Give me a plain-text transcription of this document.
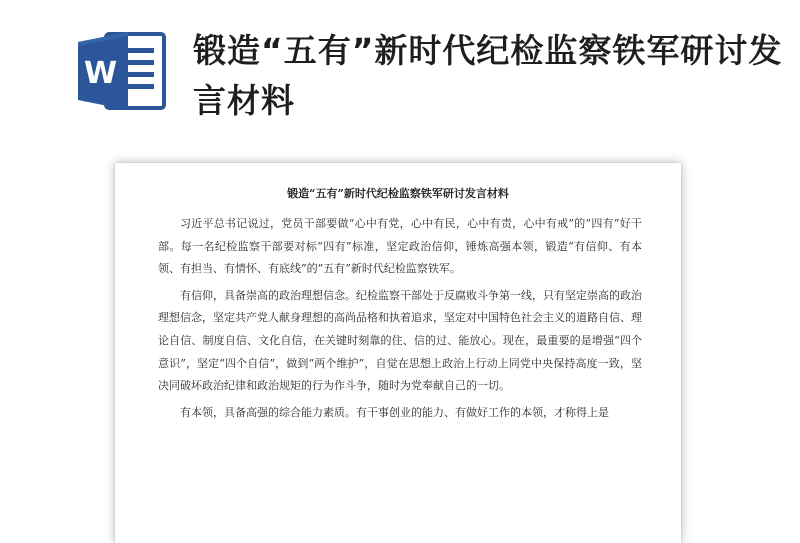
W
锻造“五有”新时代纪检监察铁军研讨发言材料
锻造“五有”新时代纪检监察铁军研讨发言材料

习近平总书记说过，党员干部要做“心中有党，心中有民，心中有责，心中有戒”的“四有”好干部。每一名纪检监察干部要对标“四有”标准，坚定政治信仰，锤炼高强本领，锻造“有信仰、有本领、有担当、有情怀、有底线”的“五有”新时代纪检监察铁军。

有信仰，具备崇高的政治理想信念。纪检监察干部处于反腐败斗争第一线，只有坚定崇高的政治理想信念，坚定共产党人献身理想的高尚品格和执着追求，坚定对中国特色社会主义的道路自信、理论自信、制度自信、文化自信，在关键时刻靠的住、信的过、能放心。现在，最重要的是增强“四个意识”，坚定“四个自信”，做到“两个维护”，自觉在思想上政治上行动上同党中央保持高度一致，坚决同破坏政治纪律和政治规矩的行为作斗争，随时为党奉献自己的一切。

有本领，具备高强的综合能力素质。有干事创业的能力、有做好工作的本领，才称得上是
